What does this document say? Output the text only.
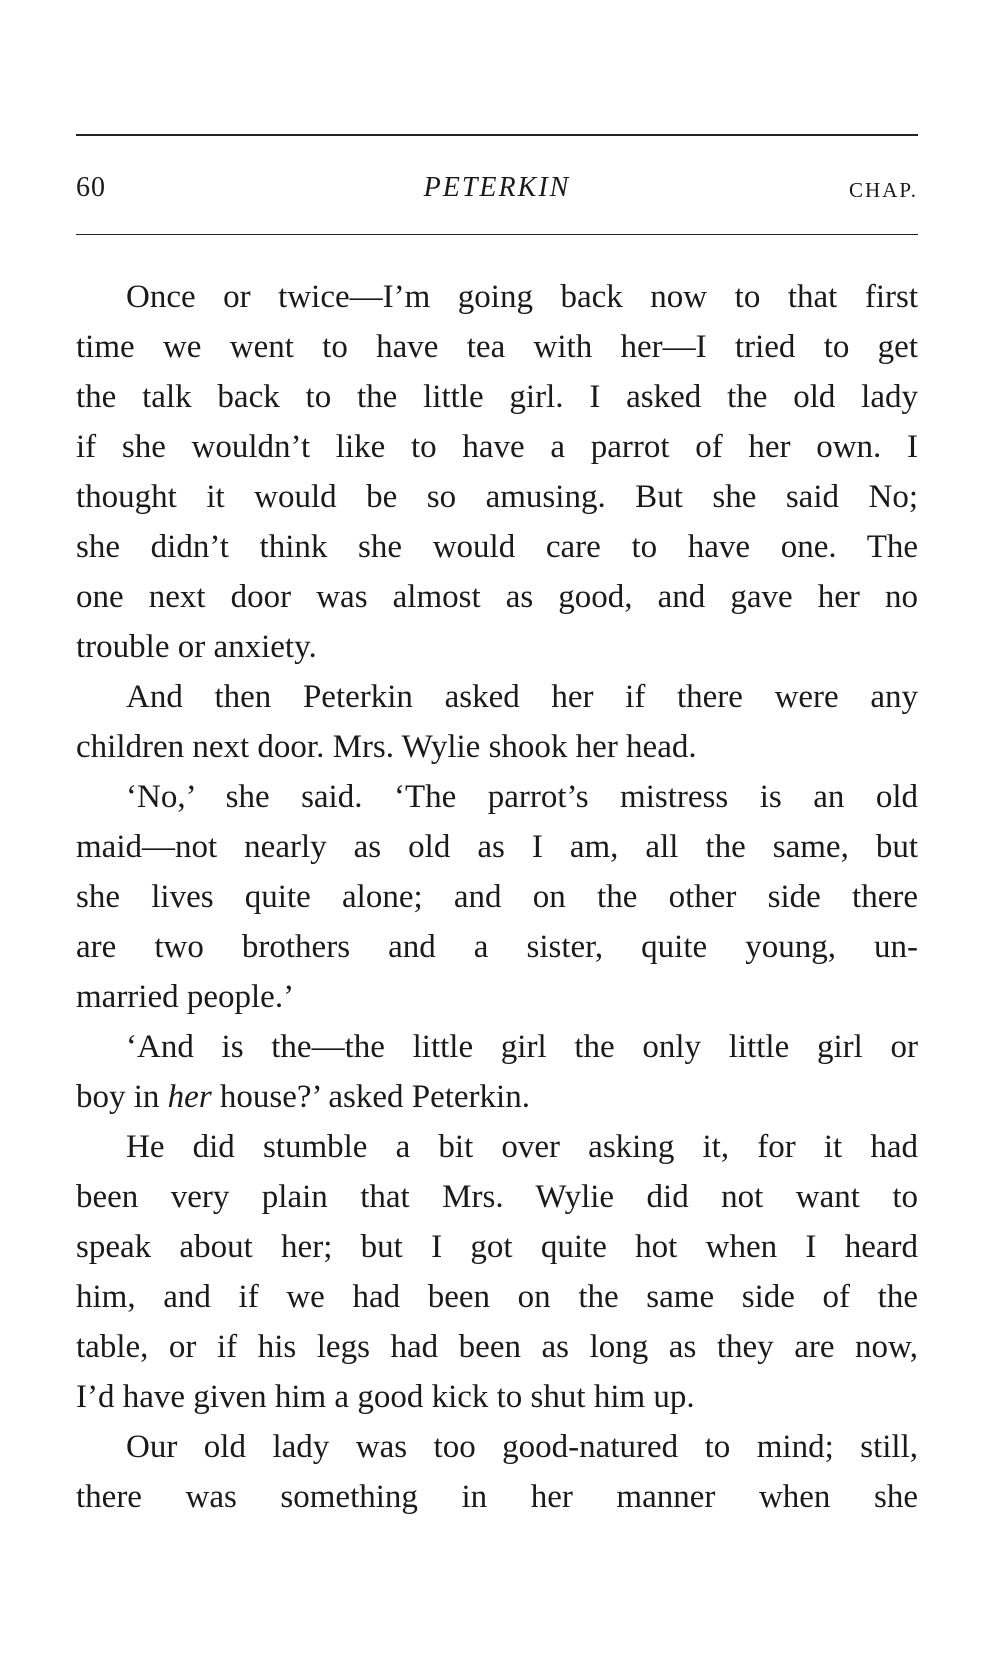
60	PETERKIN	CHAP.
Once or twice—I’m going back now to that first
time we went to have tea with her—I tried to get
the talk back to the little girl. I asked the old lady
if she wouldn’t like to have a parrot of her own. I
thought it would be so amusing. But she said No;
she didn’t think she would care to have one. The
one next door was almost as good, and gave her no
trouble or anxiety.
And then Peterkin asked her if there were any
children next door. Mrs. Wylie shook her head.
‘No,’ she said. ‘The parrot’s mistress is an old
maid—not nearly as old as I am, all the same, but
she lives quite alone; and on the other side there
are two brothers and a sister, quite young, un-
married people.’
‘And is the—the little girl the only little girl or
boy in her house?’ asked Peterkin.
He did stumble a bit over asking it, for it had
been very plain that Mrs. Wylie did not want to
speak about her; but I got quite hot when I heard
him, and if we had been on the same side of the
table, or if his legs had been as long as they are now,
I’d have given him a good kick to shut him up.
Our old lady was too good-natured to mind; still,
there was something in her manner when she
